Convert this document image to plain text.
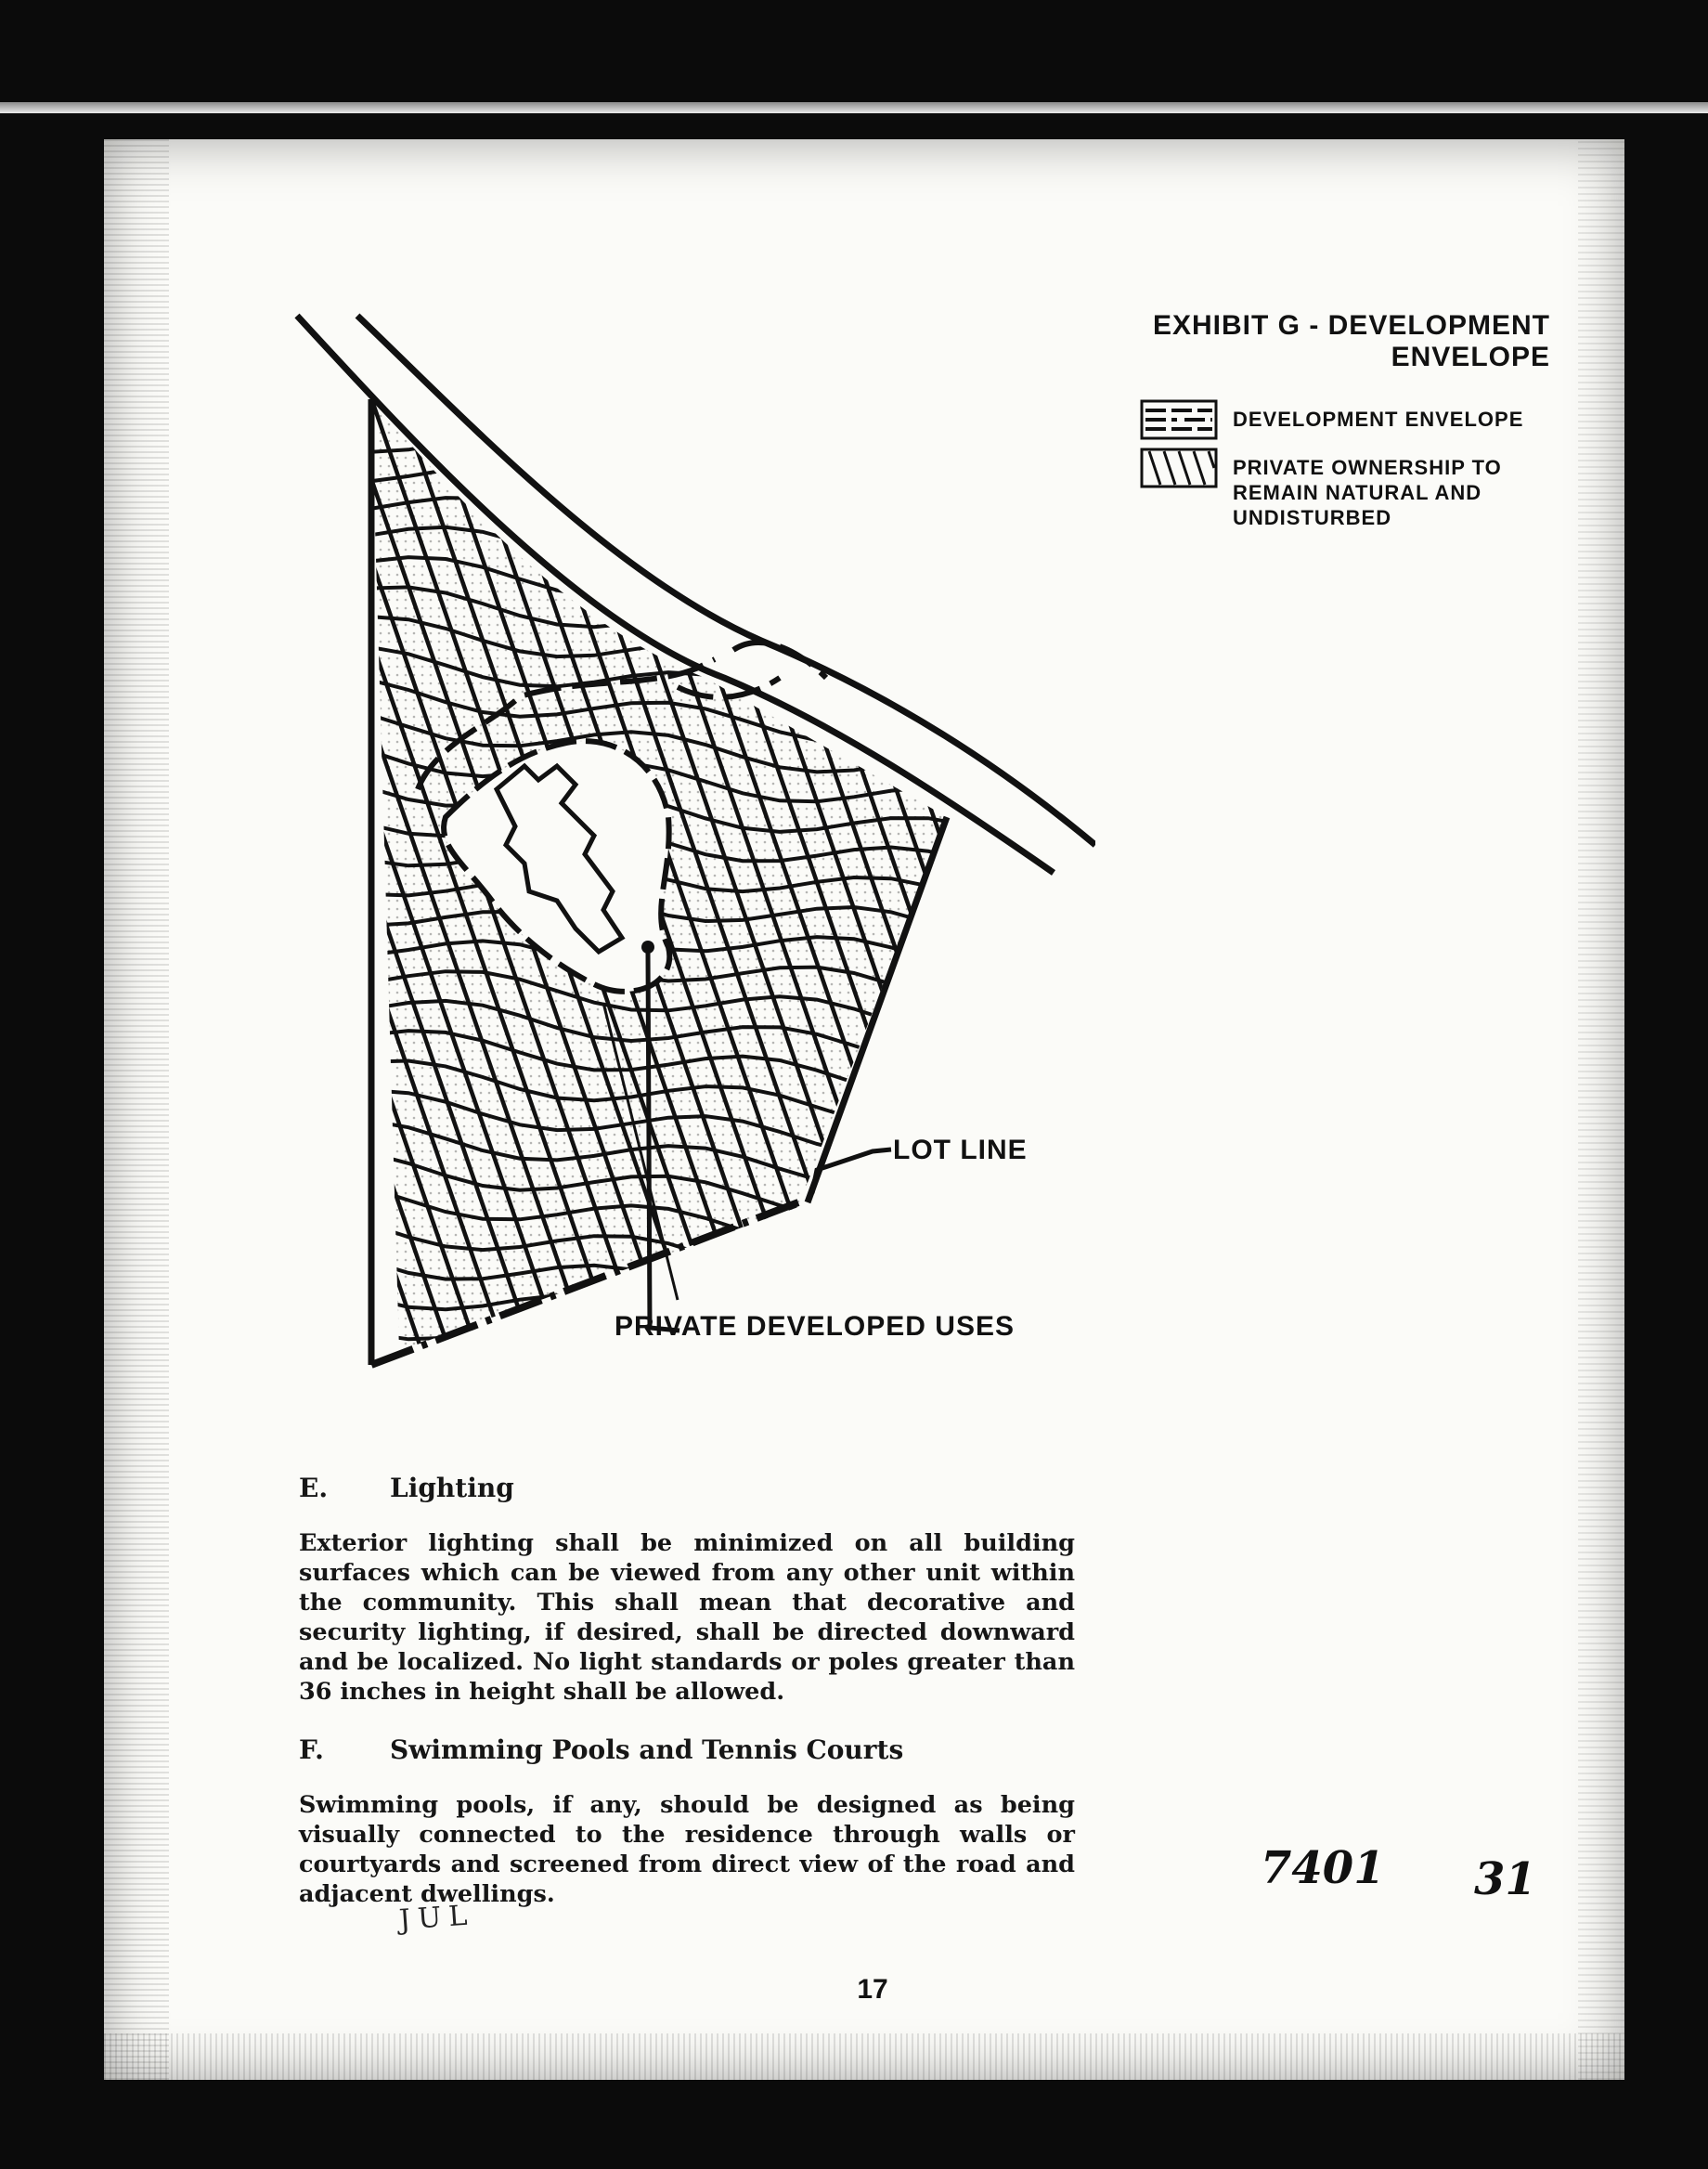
EXHIBIT G - DEVELOPMENT
ENVELOPE
DEVELOPMENT ENVELOPE
PRIVATE OWNERSHIP TO
REMAIN NATURAL AND
UNDISTURBED
LOT LINE
PRIVATE DEVELOPED USES
E. Lighting
Exterior lighting shall be minimized on all building surfaces which can be viewed from any other unit within the community. This shall mean that decorative and security lighting, if desired, shall be directed downward and be localized. No light standards or poles greater than 36 inches in height shall be allowed.
F.	Swimming Pools and Tennis Courts
Swimming pools, if any, should be designed as being visually connected to the residence through walls or courtyards and screened from direct view of the road and adjacent dwellings.	7401 31
JUL
17
